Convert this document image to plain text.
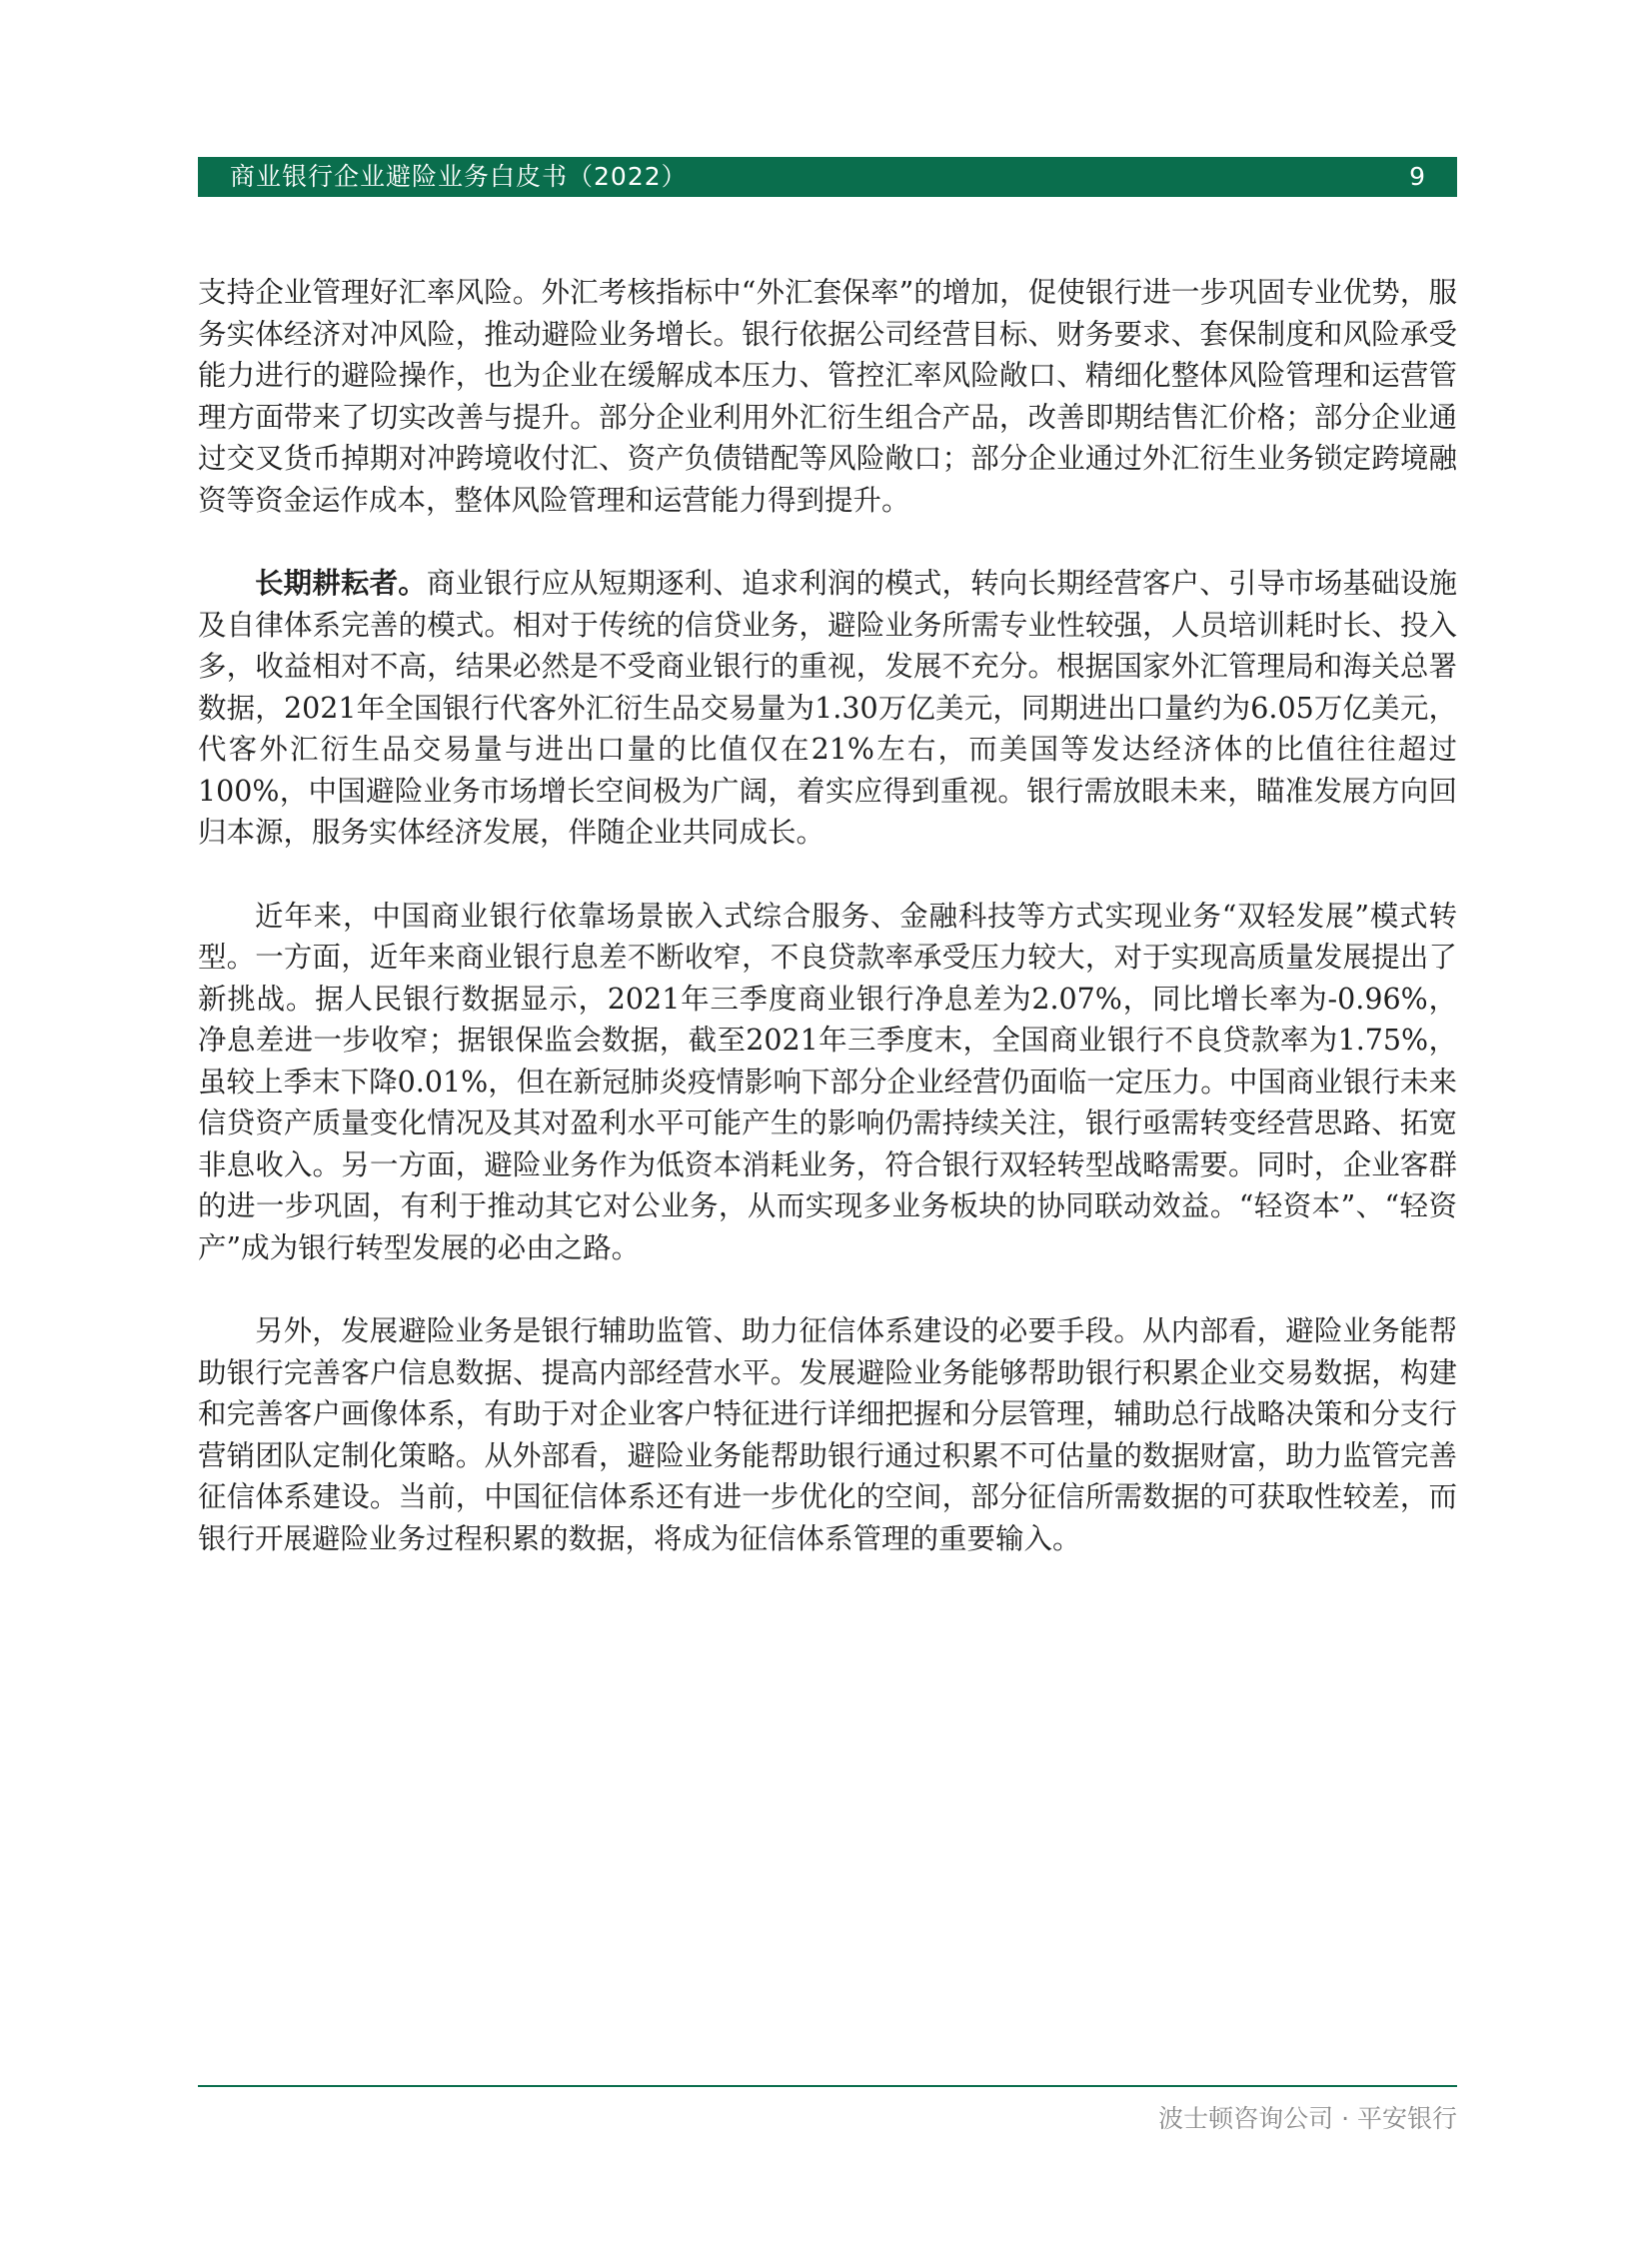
商业银行企业避险业务白皮书（2022）	9

支持企业管理好汇率风险。外汇考核指标中“外汇套保率”的增加，促使银行进一步巩固专业优势，服务实体经济对冲风险，推动避险业务增长。银行依据公司经营目标、财务要求、套保制度和风险承受能力进行的避险操作，也为企业在缓解成本压力、管控汇率风险敞口、精细化整体风险管理和运营管理方面带来了切实改善与提升。部分企业利用外汇衍生组合产品，改善即期结售汇价格；部分企业通过交叉货币掉期对冲跨境收付汇、资产负债错配等风险敞口；部分企业通过外汇衍生业务锁定跨境融资等资金运作成本，整体风险管理和运营能力得到提升。

长期耕耘者。商业银行应从短期逐利、追求利润的模式，转向长期经营客户、引导市场基础设施及自律体系完善的模式。相对于传统的信贷业务，避险业务所需专业性较强，人员培训耗时长、投入多，收益相对不高，结果必然是不受商业银行的重视，发展不充分。根据国家外汇管理局和海关总署数据，2021年全国银行代客外汇衍生品交易量为1.30万亿美元，同期进出口量约为6.05万亿美元，代客外汇衍生品交易量与进出口量的比值仅在21%左右，而美国等发达经济体的比值往往超过100%，中国避险业务市场增长空间极为广阔，着实应得到重视。银行需放眼未来，瞄准发展方向回归本源，服务实体经济发展，伴随企业共同成长。

近年来，中国商业银行依靠场景嵌入式综合服务、金融科技等方式实现业务“双轻发展”模式转型。一方面，近年来商业银行息差不断收窄，不良贷款率承受压力较大，对于实现高质量发展提出了新挑战。据人民银行数据显示，2021年三季度商业银行净息差为2.07%，同比增长率为-0.96%，净息差进一步收窄；据银保监会数据，截至2021年三季度末，全国商业银行不良贷款率为1.75%，虽较上季末下降0.01%，但在新冠肺炎疫情影响下部分企业经营仍面临一定压力。中国商业银行未来信贷资产质量变化情况及其对盈利水平可能产生的影响仍需持续关注，银行亟需转变经营思路、拓宽非息收入。另一方面，避险业务作为低资本消耗业务，符合银行双轻转型战略需要。同时，企业客群的进一步巩固，有利于推动其它对公业务，从而实现多业务板块的协同联动效益。“轻资本”、“轻资产”成为银行转型发展的必由之路。

另外，发展避险业务是银行辅助监管、助力征信体系建设的必要手段。从内部看，避险业务能帮助银行完善客户信息数据、提高内部经营水平。发展避险业务能够帮助银行积累企业交易数据，构建和完善客户画像体系，有助于对企业客户特征进行详细把握和分层管理，辅助总行战略决策和分支行营销团队定制化策略。从外部看，避险业务能帮助银行通过积累不可估量的数据财富，助力监管完善征信体系建设。当前，中国征信体系还有进一步优化的空间，部分征信所需数据的可获取性较差，而银行开展避险业务过程积累的数据，将成为征信体系管理的重要输入。

波士顿咨询公司 · 平安银行
